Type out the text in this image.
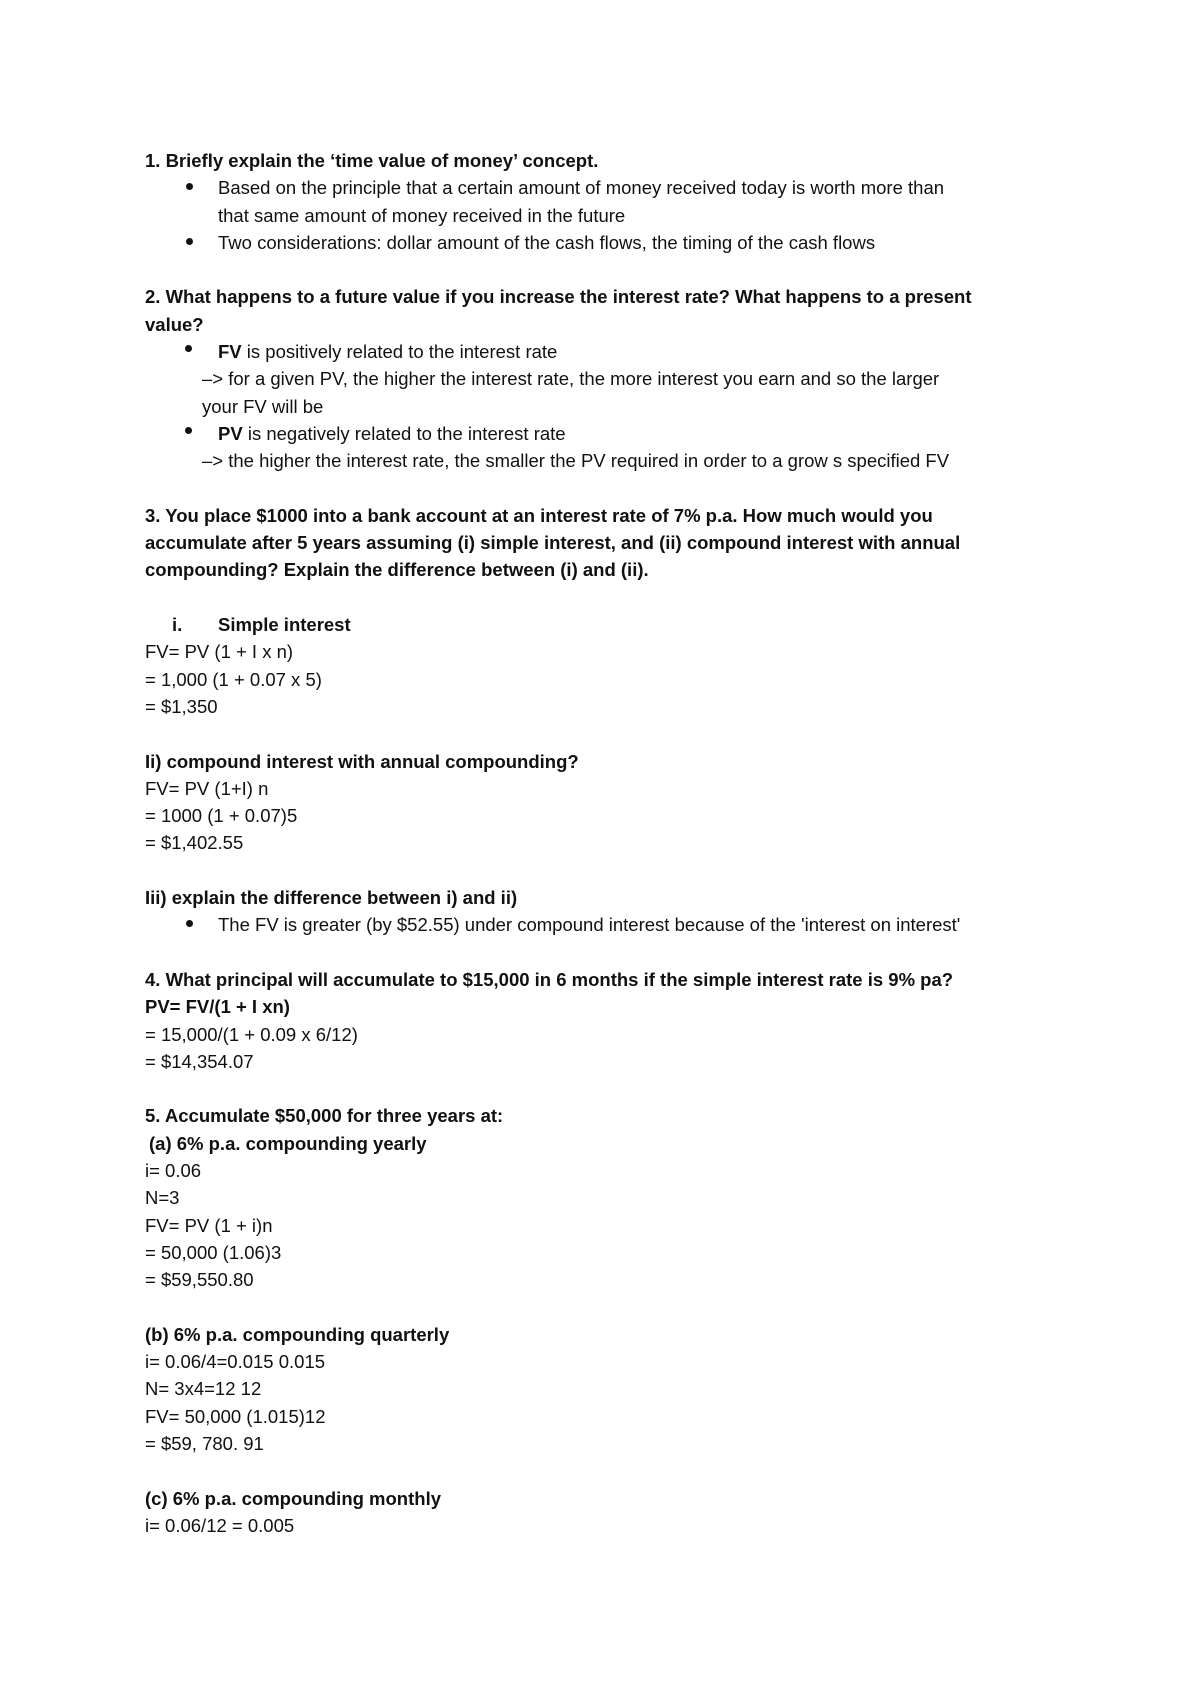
1. Briefly explain the ‘time value of money’ concept.
Based on the principle that a certain amount of money received today is worth more than
that same amount of money received in the future
Two considerations: dollar amount of the cash flows, the timing of the cash flows
2. What happens to a future value if you increase the interest rate? What happens to a present
value?
FV is positively related to the interest rate
–> for a given PV, the higher the interest rate, the more interest you earn and so the larger
your FV will be
PV is negatively related to the interest rate
–> the higher the interest rate, the smaller the PV required in order to a grow s specified FV
3. You place $1000 into a bank account at an interest rate of 7% p.a. How much would you
accumulate after 5 years assuming (i) simple interest, and (ii) compound interest with annual
compounding? Explain the difference between (i) and (ii).
i. Simple interest
FV= PV (1 + I x n)
= 1,000 (1 + 0.07 x 5)
= $1,350
Ii) compound interest with annual compounding?
FV= PV (1+I) n
= 1000 (1 + 0.07)5
= $1,402.55
Iii) explain the difference between i) and ii)
The FV is greater (by $52.55) under compound interest because of the 'interest on interest'
4. What principal will accumulate to $15,000 in 6 months if the simple interest rate is 9% pa?
PV= FV/(1 + I xn)
= 15,000/(1 + 0.09 x 6/12)
= $14,354.07
5. Accumulate $50,000 for three years at:
(a) 6% p.a. compounding yearly
i= 0.06
N=3
FV= PV (1 + i)n
= 50,000 (1.06)3
= $59,550.80
(b) 6% p.a. compounding quarterly
i= 0.06/4=0.015 0.015
N= 3x4=12 12
FV= 50,000 (1.015)12
= $59, 780. 91
(c) 6% p.a. compounding monthly
i= 0.06/12 = 0.005
